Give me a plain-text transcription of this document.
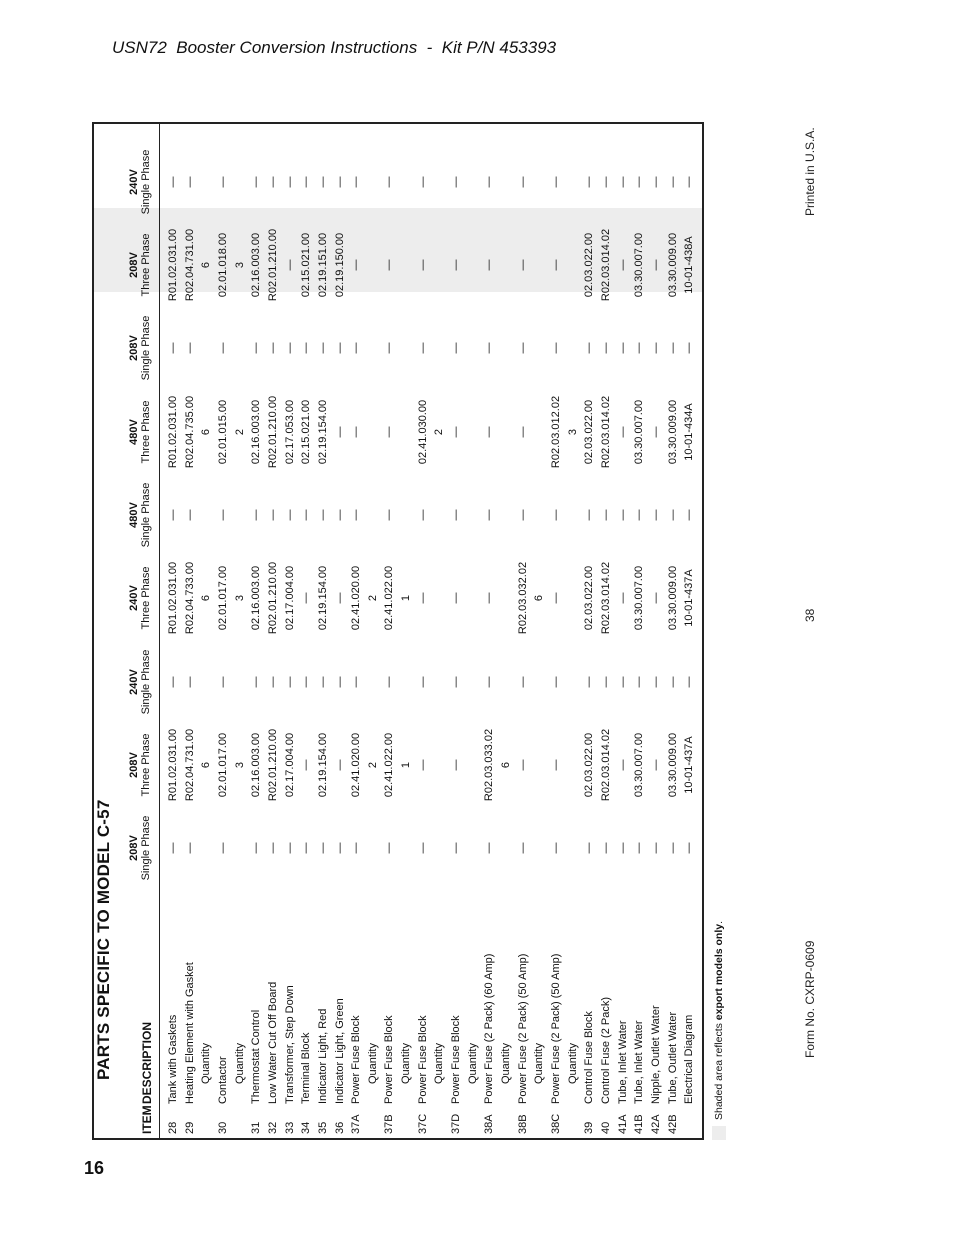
USN72  Booster Conversion Instructions  -  Kit P/N 453393
PARTS SPECIFIC TO MODEL C-57
ITEM
DESCRIPTION
208V Single Phase
208V Three Phase
240V Single Phase
240V Three Phase
480V Single Phase
480V Three Phase
208V Single Phase
208V Three Phase
240V Single Phase
28
Tank with Gaskets
—
R01.02.031.00
—
R01.02.031.00
—
R01.02.031.00
—
R01.02.031.00
—
29
Heating Element with Gasket
—
R02.04.731.00
—
R02.04.733.00
—
R02.04.735.00
—
R02.04.731.00
—
Quantity
6
6
6
6
30
Contactor
—
02.01.017.00
—
02.01.017.00
—
02.01.015.00
—
02.01.018.00
—
Quantity
3
3
2
3
31
Thermostat Control
—
02.16.003.00
—
02.16.003.00
—
02.16.003.00
—
02.16.003.00
—
32
Low Water Cut Off Board
—
R02.01.210.00
—
R02.01.210.00
—
R02.01.210.00
—
R02.01.210.00
—
33
Transformer, Step Down
—
02.17.004.00
—
02.17.004.00
—
02.17.053.00
—
—
—
34
Terminal Block
—
—
—
—
—
02.15.021.00
—
02.15.021.00
—
35
Indicator Light, Red
—
02.19.154.00
—
02.19.154.00
—
02.19.154.00
—
02.19.151.00
—
36
Indicator Light, Green
—
—
—
—
—
—
—
02.19.150.00
—
37A
Power Fuse Block
—
02.41.020.00
—
02.41.020.00
—
—
—
—
—
Quantity
2
2
37B
Power Fuse Block
—
02.41.022.00
—
02.41.022.00
—
—
—
—
—
Quantity
1
1
37C
Power Fuse Block
—
—
—
—
—
02.41.030.00
—
—
—
Quantity
2
37D
Power Fuse Block
—
—
—
—
—
—
—
—
—
Quantity
38A
Power Fuse (2 Pack) (60 Amp)
—
R02.03.033.02
—
—
—
—
—
—
—
Quantity
6
38B
Power Fuse (2 Pack) (50 Amp)
—
—
—
R02.03.032.02
—
—
—
—
—
Quantity
6
38C
Power Fuse (2 Pack) (50 Amp)
—
—
—
—
—
R02.03.012.02
—
—
—
Quantity
3
39
Control Fuse Block
—
02.03.022.00
—
02.03.022.00
—
02.03.022.00
—
02.03.022.00
—
40
Control Fuse (2 Pack)
—
R02.03.014.02
—
R02.03.014.02
—
R02.03.014.02
—
R02.03.014.02
—
41A
Tube, Inlet Water
—
—
—
—
—
—
—
—
—
41B
Tube, Inlet Water
—
03.30.007.00
—
03.30.007.00
—
03.30.007.00
—
03.30.007.00
—
42A
Nipple, Outlet Water
—
—
—
—
—
—
—
—
—
42B
Tube, Outlet Water
—
03.30.009.00
—
03.30.009.00
—
03.30.009.00
—
03.30.009.00
—
Electrical Diagram
—
10-01-437A
—
10-01-437A
—
10-01-434A
—
10-01-438A
—
Shaded area reflects export models only.
16
Form No. CXRP-0609
38
Printed in U.S.A.
